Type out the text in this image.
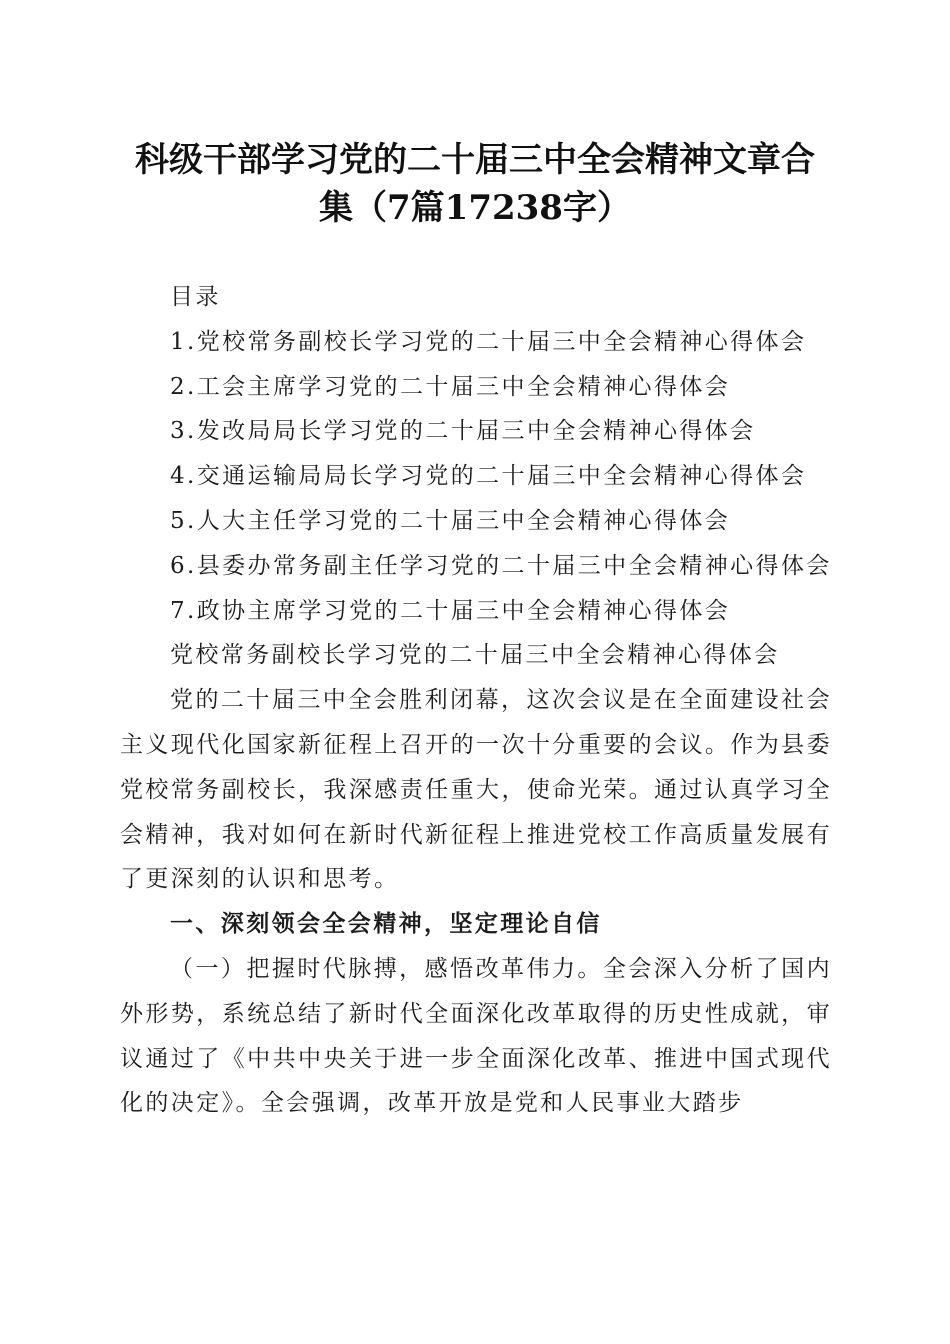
科级干部学习党的二十届三中全会精神文章合
集（7篇17238字）

目录

1.党校常务副校长学习党的二十届三中全会精神心得体会

2.工会主席学习党的二十届三中全会精神心得体会

3.发改局局长学习党的二十届三中全会精神心得体会

4.交通运输局局长学习党的二十届三中全会精神心得体会

5.人大主任学习党的二十届三中全会精神心得体会

6.县委办常务副主任学习党的二十届三中全会精神心得体会

7.政协主席学习党的二十届三中全会精神心得体会

党校常务副校长学习党的二十届三中全会精神心得体会

党的二十届三中全会胜利闭幕，这次会议是在全面建设社会主义现代化国家新征程上召开的一次十分重要的会议。作为县委党校常务副校长，我深感责任重大，使命光荣。通过认真学习全会精神，我对如何在新时代新征程上推进党校工作高质量发展有了更深刻的认识和思考。

一、深刻领会全会精神，坚定理论自信

（一）把握时代脉搏，感悟改革伟力。全会深入分析了国内外形势，系统总结了新时代全面深化改革取得的历史性成就，审议通过了《中共中央关于进一步全面深化改革、推进中国式现代化的决定》。全会强调，改革开放是党和人民事业大踏步
